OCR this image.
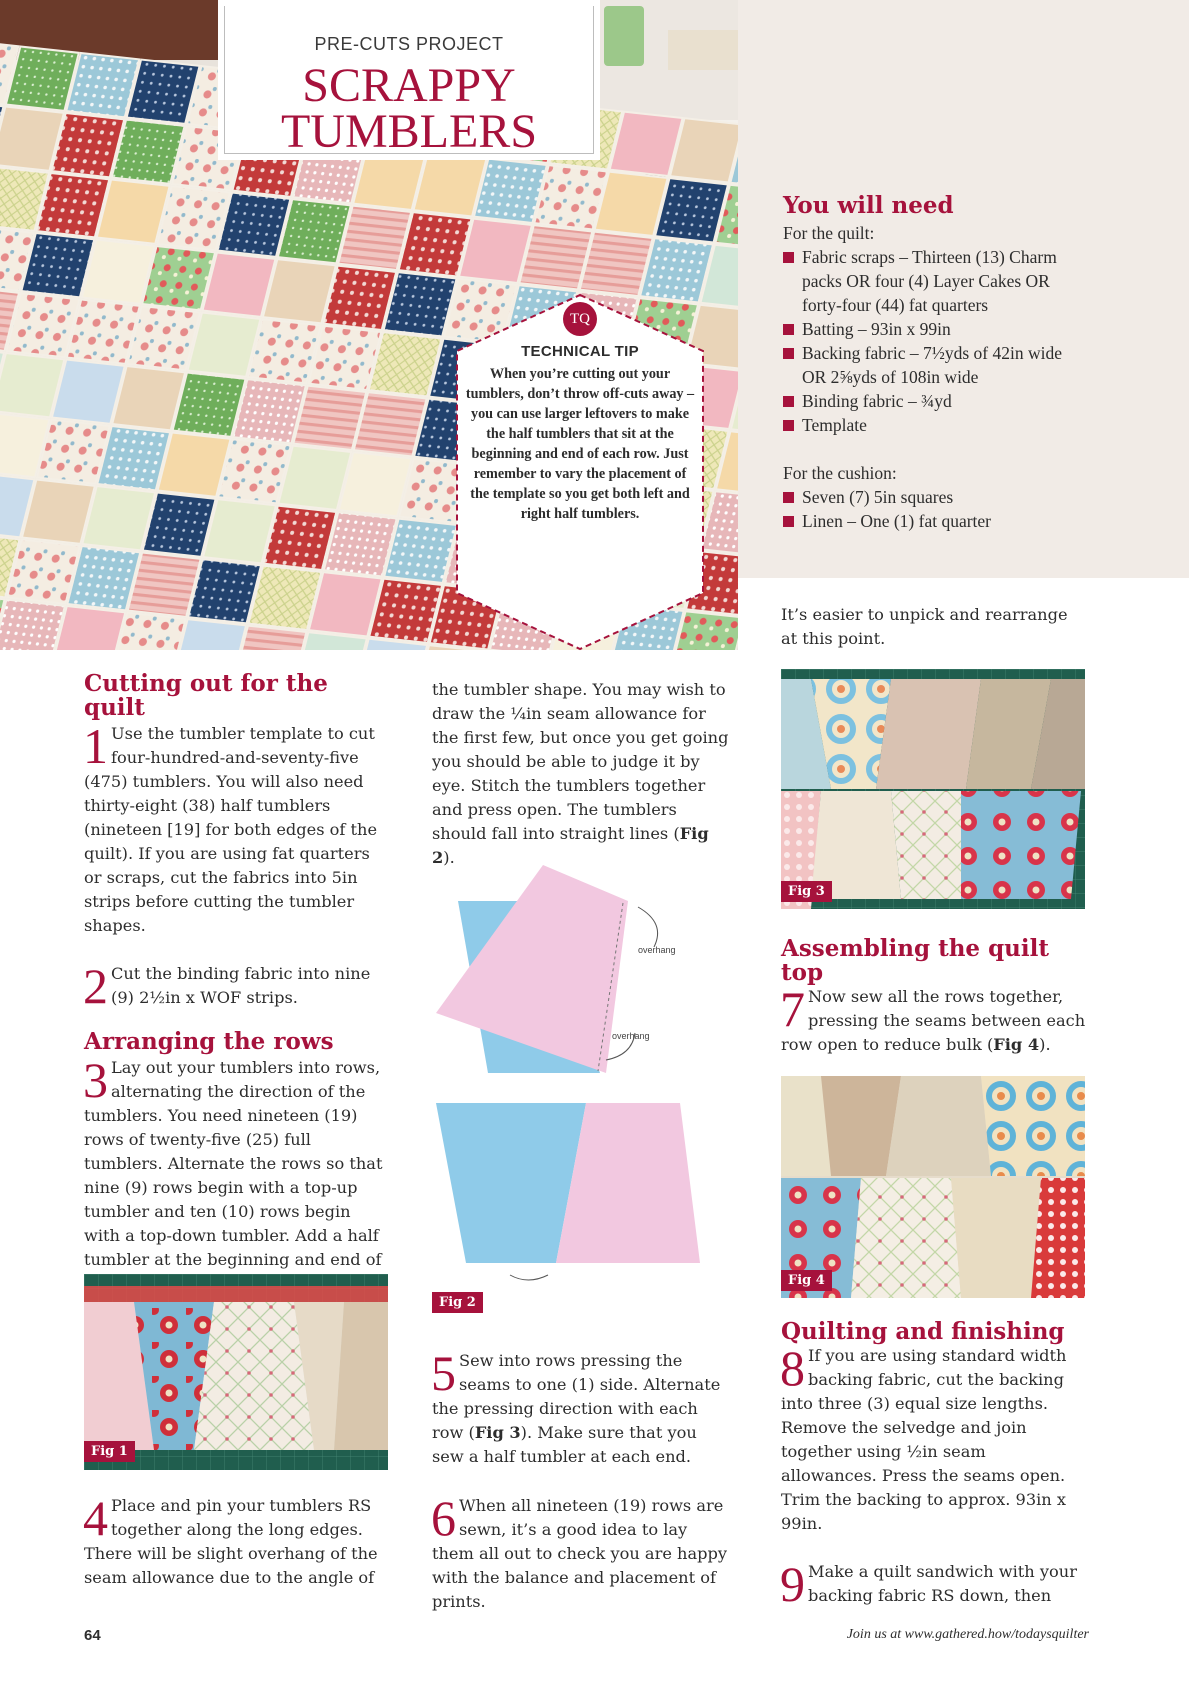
PRE-CUTS PROJECT
SCRAPPY
TUMBLERS
TQ
TECHNICAL TIP
When you’re cutting out your tumblers, don’t throw off-cuts away – you can use larger leftovers to make the half tumblers that sit at the beginning and end of each row. Just remember to vary the placement of the template so you get both left and right half tumblers.
You will need
For the quilt:
Fabric scraps – Thirteen (13) Charm packs OR four (4) Layer Cakes OR forty-four (44) fat quarters
Batting – 93in x 99in
Backing fabric – 7½yds of 42in wide OR 2⅝yds of 108in wide
Binding fabric – ¾yd
Template
For the cushion:
Seven (7) 5in squares
Linen – One (1) fat quarter
Cutting out for the quilt
1 Use the tumbler template to cut four-hundred-and-seventy-five (475) tumblers. You will also need thirty-eight (38) half tumblers (nineteen [19] for both edges of the quilt). If you are using fat quarters or scraps, cut the fabrics into 5in strips before cutting the tumbler shapes.
2 Cut the binding fabric into nine (9) 2½in x WOF strips.
Arranging the rows
3 Lay out your tumblers into rows, alternating the direction of the tumblers. You need nineteen (19) rows of twenty-five (25) full tumblers. Alternate the rows so that nine (9) rows begin with a top-up tumbler and ten (10) rows begin with a top-down tumbler. Add a half tumbler at the beginning and end of
Fig 1
4 Place and pin your tumblers RS together along the long edges. There will be slight overhang of the seam allowance due to the angle of
the tumbler shape. You may wish to draw the ¼in seam allowance for the first few, but once you get going you should be able to judge it by eye. Stitch the tumblers together and press open. The tumblers should fall into straight lines (Fig 2).
overhang
overhang
Fig 2
5 Sew into rows pressing the seams to one (1) side. Alternate the pressing direction with each row (Fig 3). Make sure that you sew a half tumbler at each end.
6 When all nineteen (19) rows are sewn, it’s a good idea to lay them all out to check you are happy with the balance and placement of prints.
It’s easier to unpick and rearrange at this point.
Fig 3
Assembling the quilt top
7 Now sew all the rows together, pressing the seams between each row open to reduce bulk (Fig 4).
Fig 4
Quilting and finishing
8 If you are using standard width backing fabric, cut the backing into three (3) equal size lengths. Remove the selvedge and join together using ½in seam allowances. Press the seams open. Trim the backing to approx. 93in x 99in.
9 Make a quilt sandwich with your backing fabric RS down, then
64	Join us at www.gathered.how/todaysquilter
